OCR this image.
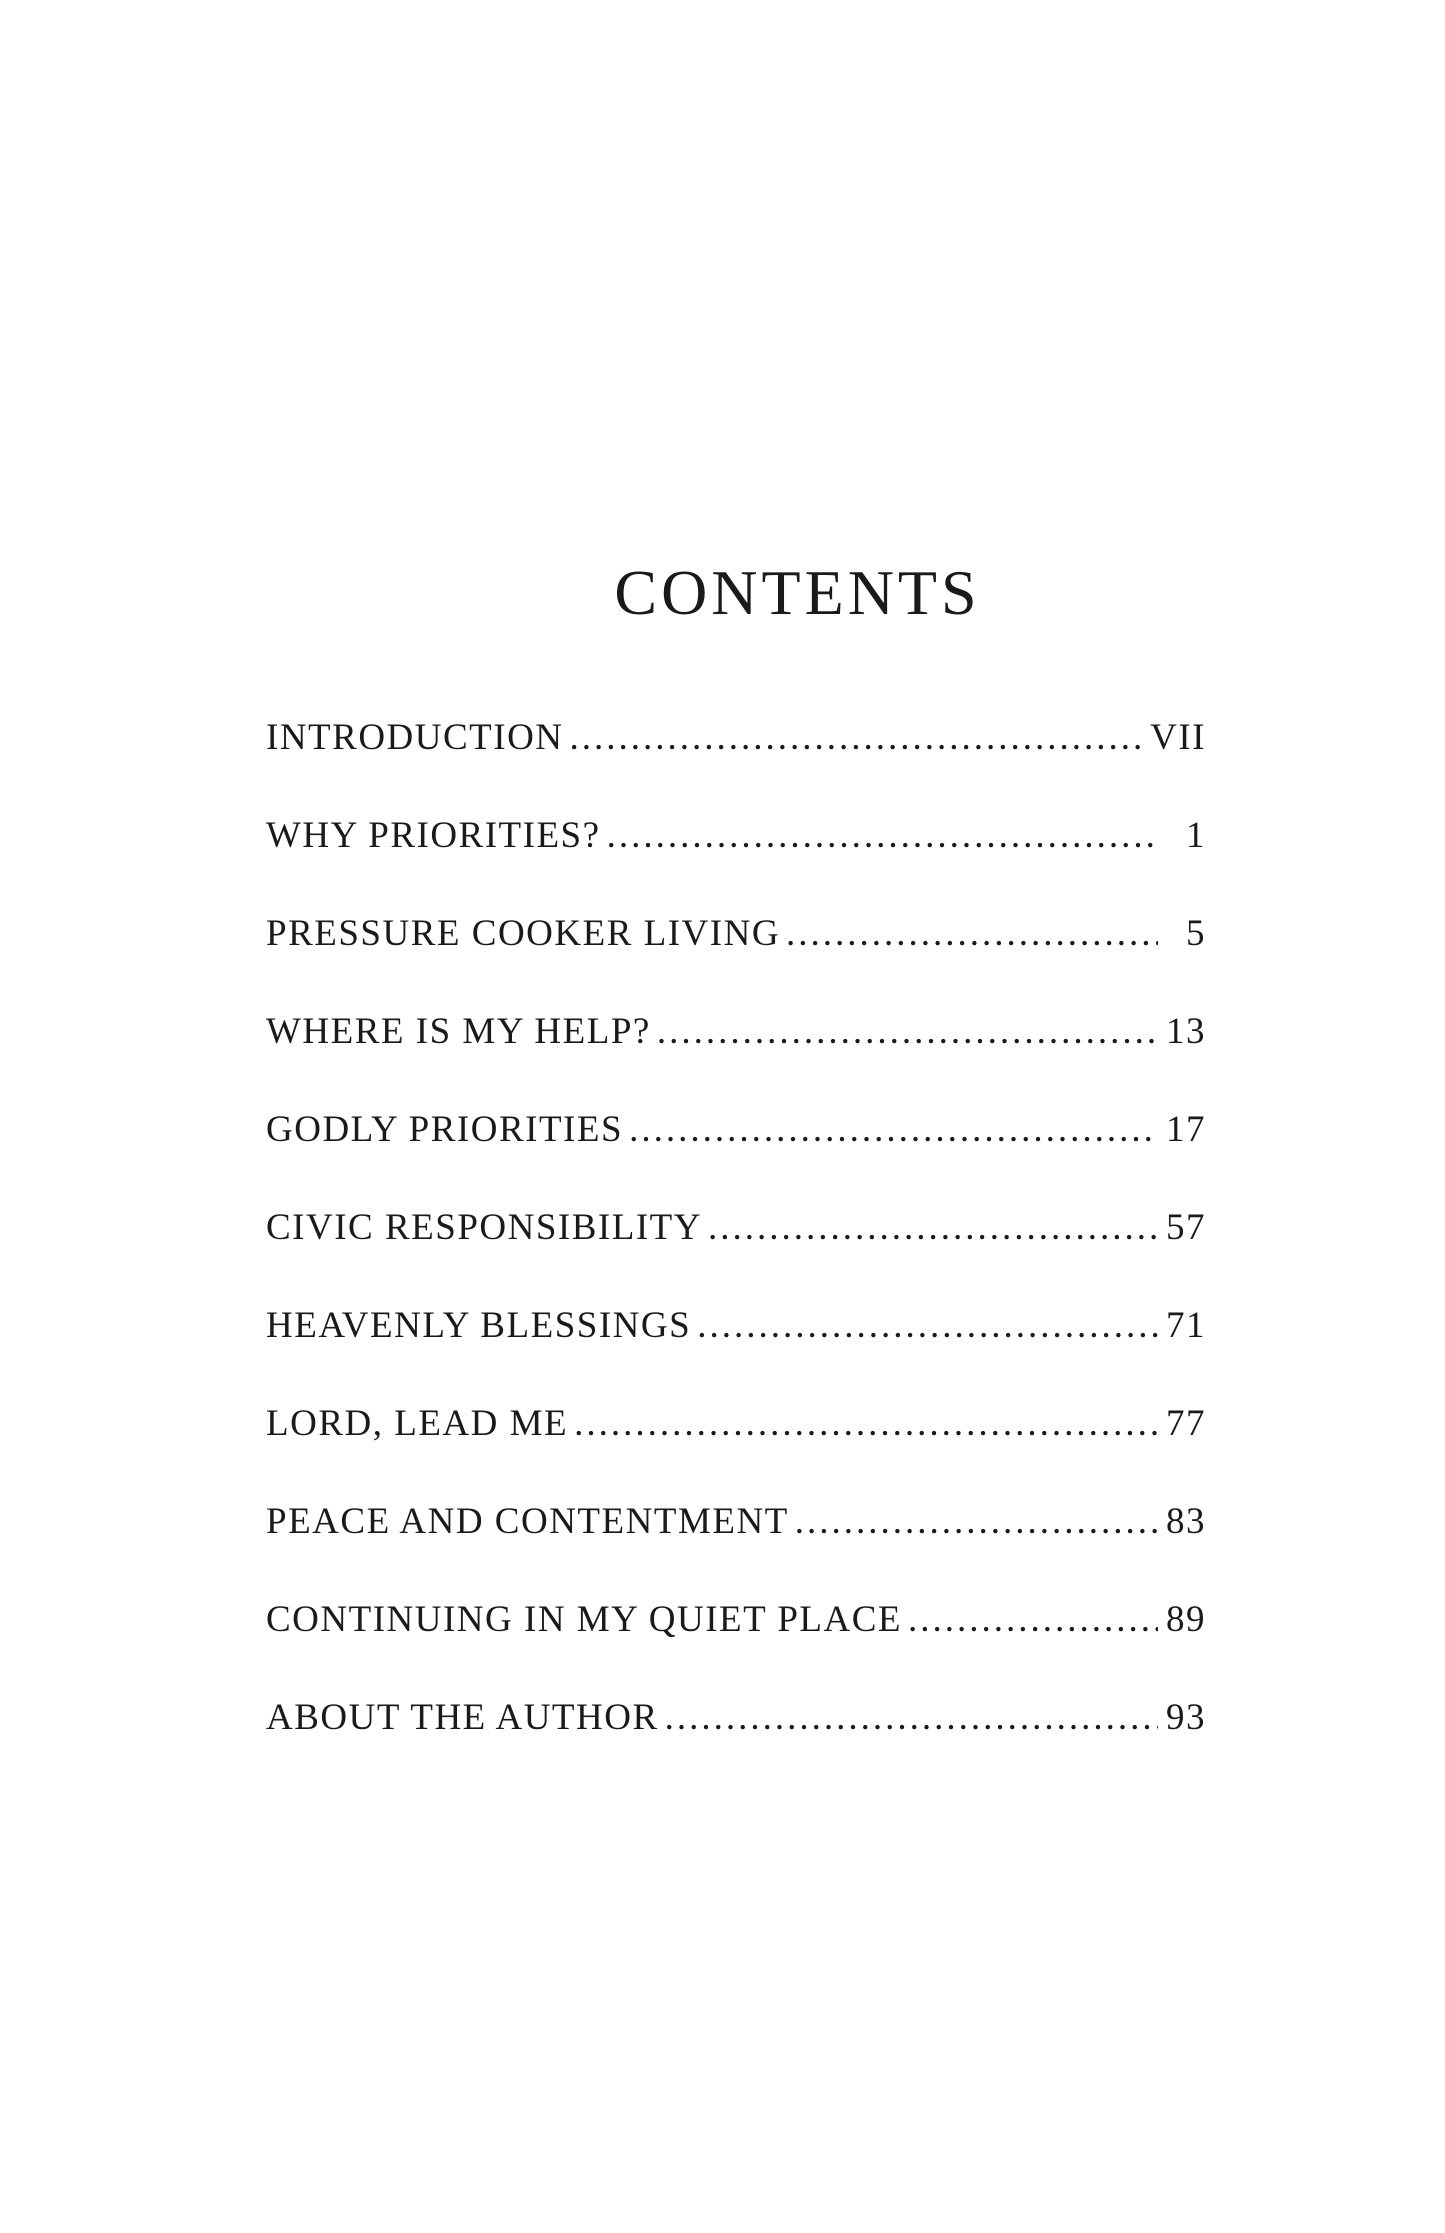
CONTENTS
INTRODUCTION .....	VII
WHY PRIORITIES? .....	1
PRESSURE COOKER LIVING .....	5
WHERE IS MY HELP? .....	13
GODLY PRIORITIES .....	17
CIVIC RESPONSIBILITY .....	57
HEAVENLY BLESSINGS .....	71
LORD, LEAD ME .....	77
PEACE AND CONTENTMENT .....	83
CONTINUING IN MY QUIET PLACE .....	89
ABOUT THE AUTHOR .....	93
